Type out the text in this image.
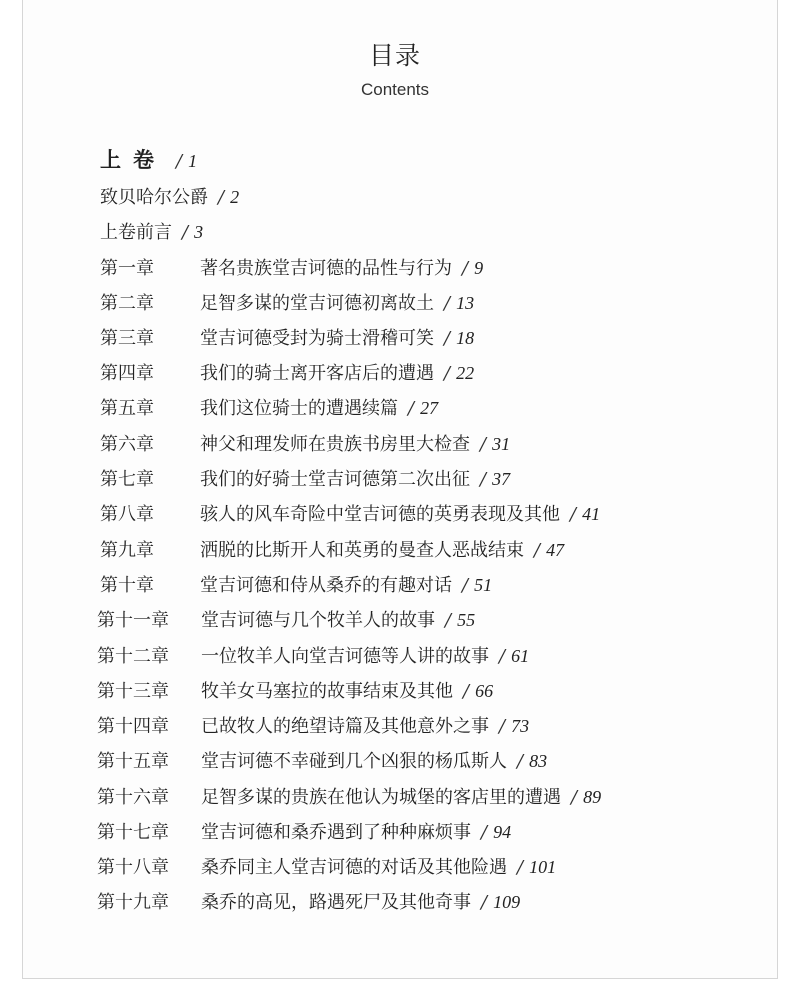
目录
Contents
上卷 / 1
致贝哈尔公爵 / 2
上卷前言 / 3
第一章	著名贵族堂吉诃德的品性与行为 / 9
第二章	足智多谋的堂吉诃德初离故土 / 13
第三章	堂吉诃德受封为骑士滑稽可笑 / 18
第四章	我们的骑士离开客店后的遭遇 / 22
第五章	我们这位骑士的遭遇续篇 / 27
第六章	神父和理发师在贵族书房里大检查 / 31
第七章	我们的好骑士堂吉诃德第二次出征 / 37
第八章	骇人的风车奇险中堂吉诃德的英勇表现及其他 / 41
第九章	洒脱的比斯开人和英勇的曼查人恶战结束 / 47
第十章	堂吉诃德和侍从桑乔的有趣对话 / 51
第十一章 堂吉诃德与几个牧羊人的故事 / 55
第十二章 一位牧羊人向堂吉诃德等人讲的故事 / 61
第十三章 牧羊女马塞拉的故事结束及其他 / 66
第十四章 已故牧人的绝望诗篇及其他意外之事 / 73
第十五章 堂吉诃德不幸碰到几个凶狠的杨瓜斯人 / 83
第十六章 足智多谋的贵族在他认为城堡的客店里的遭遇 / 89
第十七章 堂吉诃德和桑乔遇到了种种麻烦事 / 94
第十八章 桑乔同主人堂吉诃德的对话及其他险遇 / 101
第十九章 桑乔的高见，路遇死尸及其他奇事 / 109
